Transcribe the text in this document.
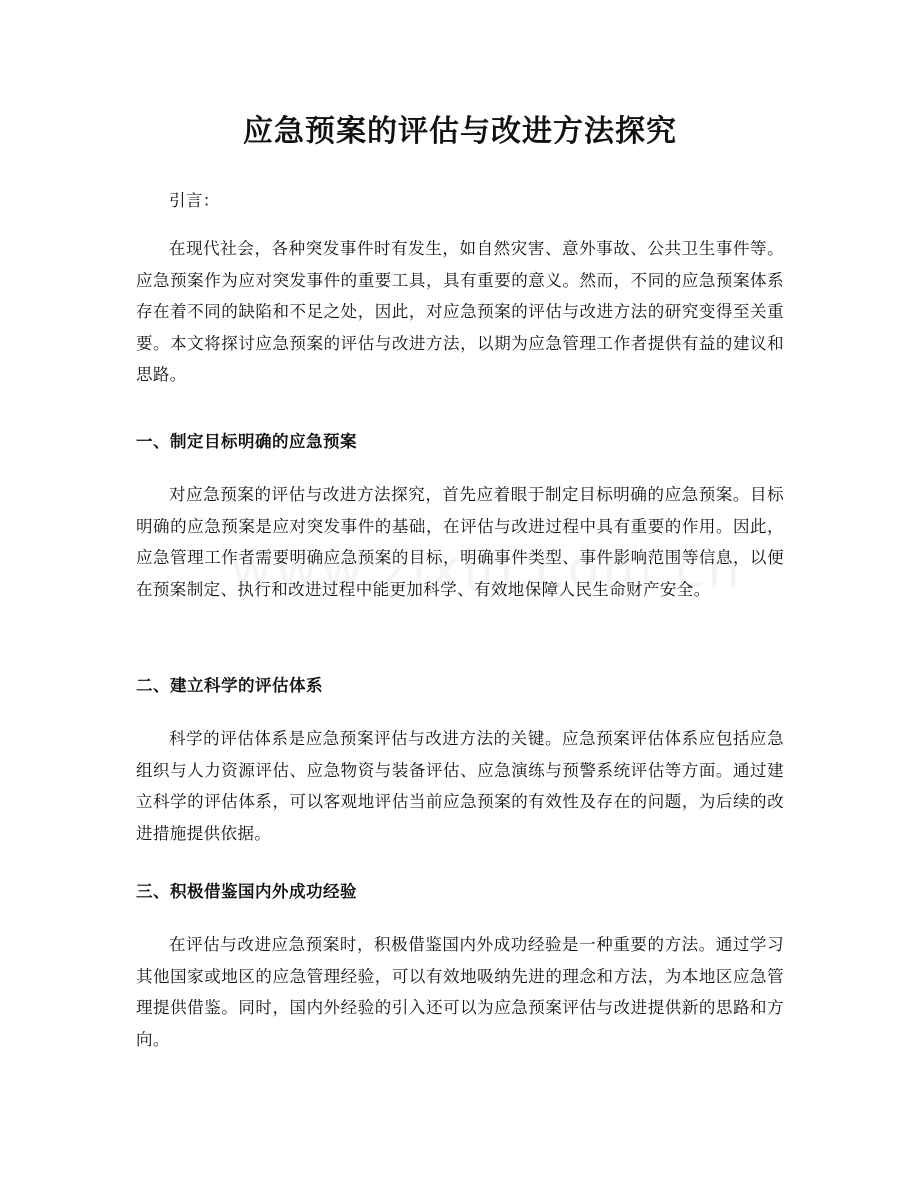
应急预案的评估与改进方法探究

引言：

在现代社会，各种突发事件时有发生，如自然灾害、意外事故、公共卫生事件等。应急预案作为应对突发事件的重要工具，具有重要的意义。然而，不同的应急预案体系存在着不同的缺陷和不足之处，因此，对应急预案的评估与改进方法的研究变得至关重要。本文将探讨应急预案的评估与改进方法，以期为应急管理工作者提供有益的建议和思路。

一、制定目标明确的应急预案

对应急预案的评估与改进方法探究，首先应着眼于制定目标明确的应急预案。目标明确的应急预案是应对突发事件的基础，在评估与改进过程中具有重要的作用。因此，应急管理工作者需要明确应急预案的目标，明确事件类型、事件影响范围等信息，以便在预案制定、执行和改进过程中能更加科学、有效地保障人民生命财产安全。

二、建立科学的评估体系

科学的评估体系是应急预案评估与改进方法的关键。应急预案评估体系应包括应急组织与人力资源评估、应急物资与装备评估、应急演练与预警系统评估等方面。通过建立科学的评估体系，可以客观地评估当前应急预案的有效性及存在的问题，为后续的改进措施提供依据。

三、积极借鉴国内外成功经验

在评估与改进应急预案时，积极借鉴国内外成功经验是一种重要的方法。通过学习其他国家或地区的应急管理经验，可以有效地吸纳先进的理念和方法，为本地区应急管理提供借鉴。同时，国内外经验的引入还可以为应急预案评估与改进提供新的思路和方向。
